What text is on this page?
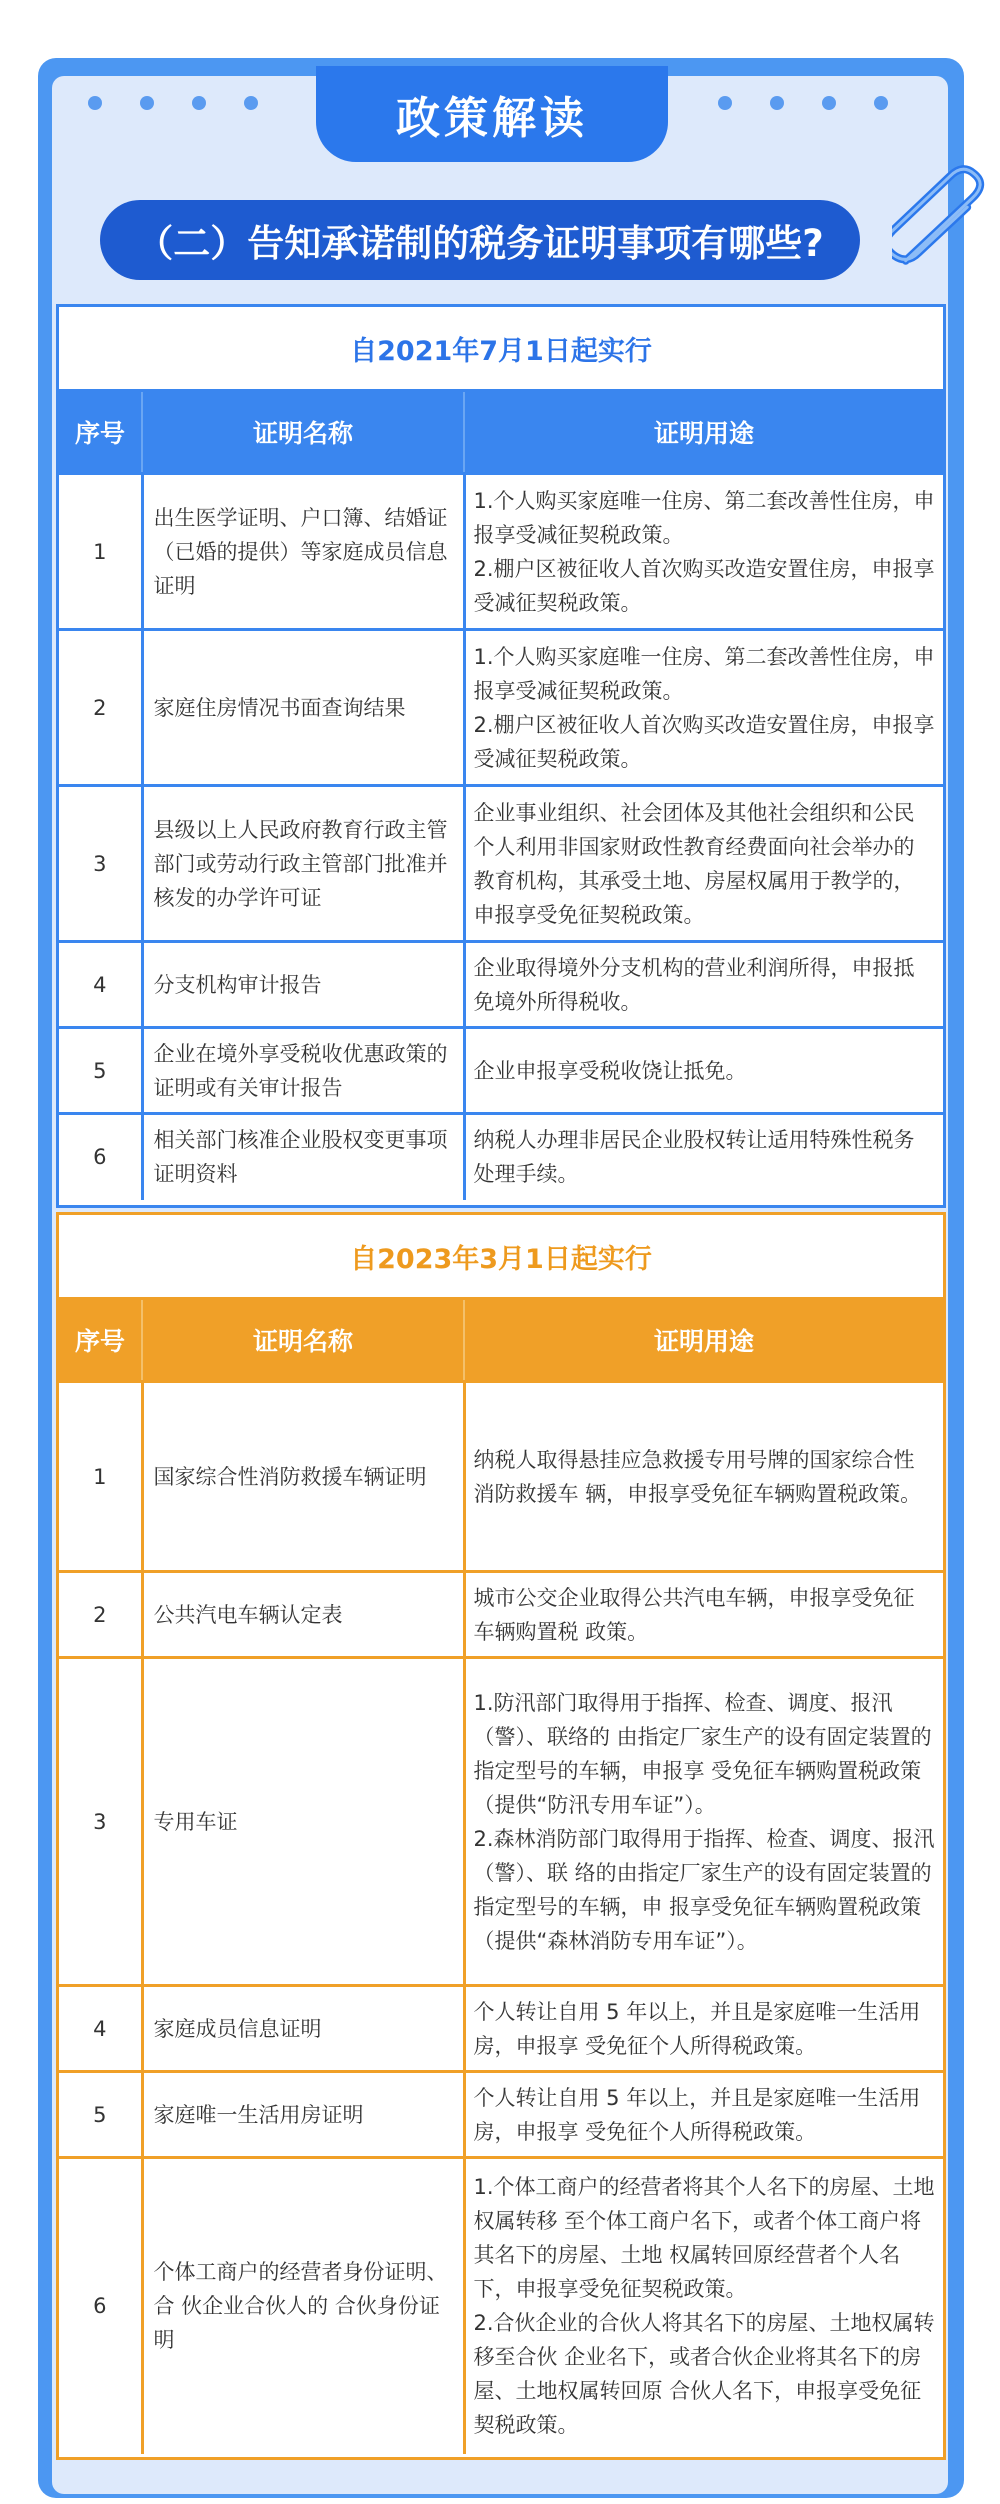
政策解读
（二）告知承诺制的税务证明事项有哪些?
自2021年7月1日起实行
序号	证明名称	证明用途
1	出生医学证明、户口簿、结婚证（已婚的提供）等家庭成员信息证明	1.个人购买家庭唯一住房、第二套改善性住房，申报享受减征契税政策。
2.棚户区被征收人首次购买改造安置住房，申报享受减征契税政策。
2	家庭住房情况书面查询结果	1.个人购买家庭唯一住房、第二套改善性住房，申报享受减征契税政策。
2.棚户区被征收人首次购买改造安置住房，申报享受减征契税政策。
3	县级以上人民政府教育行政主管部门或劳动行政主管部门批准并核发的办学许可证	企业事业组织、社会团体及其他社会组织和公民个人利用非国家财政性教育经费面向社会举办的教育机构，其承受土地、房屋权属用于教学的，申报享受免征契税政策。
4	分支机构审计报告	企业取得境外分支机构的营业利润所得，申报抵免境外所得税收。
5	企业在境外享受税收优惠政策的证明或有关审计报告	企业申报享受税收饶让抵免。
6	相关部门核准企业股权变更事项证明资料	纳税人办理非居民企业股权转让适用特殊性税务处理手续。
自2023年3月1日起实行
序号	证明名称	证明用途
1	国家综合性消防救援车辆证明	纳税人取得悬挂应急救援专用号牌的国家综合性消防救援车 辆，申报享受免征车辆购置税政策。
2	公共汽电车辆认定表	城市公交企业取得公共汽电车辆，申报享受免征车辆购置税 政策。
3	专用车证	1.防汛部门取得用于指挥、检查、调度、报汛（警）、联络的 由指定厂家生产的设有固定装置的指定型号的车辆，申报享 受免征车辆购置税政策（提供“防汛专用车证”）。
2.森林消防部门取得用于指挥、检查、调度、报汛（警）、联 络的由指定厂家生产的设有固定装置的指定型号的车辆，申 报享受免征车辆购置税政策（提供“森林消防专用车证”）。
4	家庭成员信息证明	个人转让自用 5 年以上，并且是家庭唯一生活用房，申报享 受免征个人所得税政策。
5	家庭唯一生活用房证明	个人转让自用 5 年以上，并且是家庭唯一生活用房，申报享 受免征个人所得税政策。
6	个体工商户的经营者身份证明、合 伙企业合伙人的 合伙身份证明	1.个体工商户的经营者将其个人名下的房屋、土地权属转移 至个体工商户名下，或者个体工商户将其名下的房屋、土地 权属转回原经营者个人名下，申报享受免征契税政策。
2.合伙企业的合伙人将其名下的房屋、土地权属转移至合伙 企业名下，或者合伙企业将其名下的房屋、土地权属转回原 合伙人名下，申报享受免征契税政策。
